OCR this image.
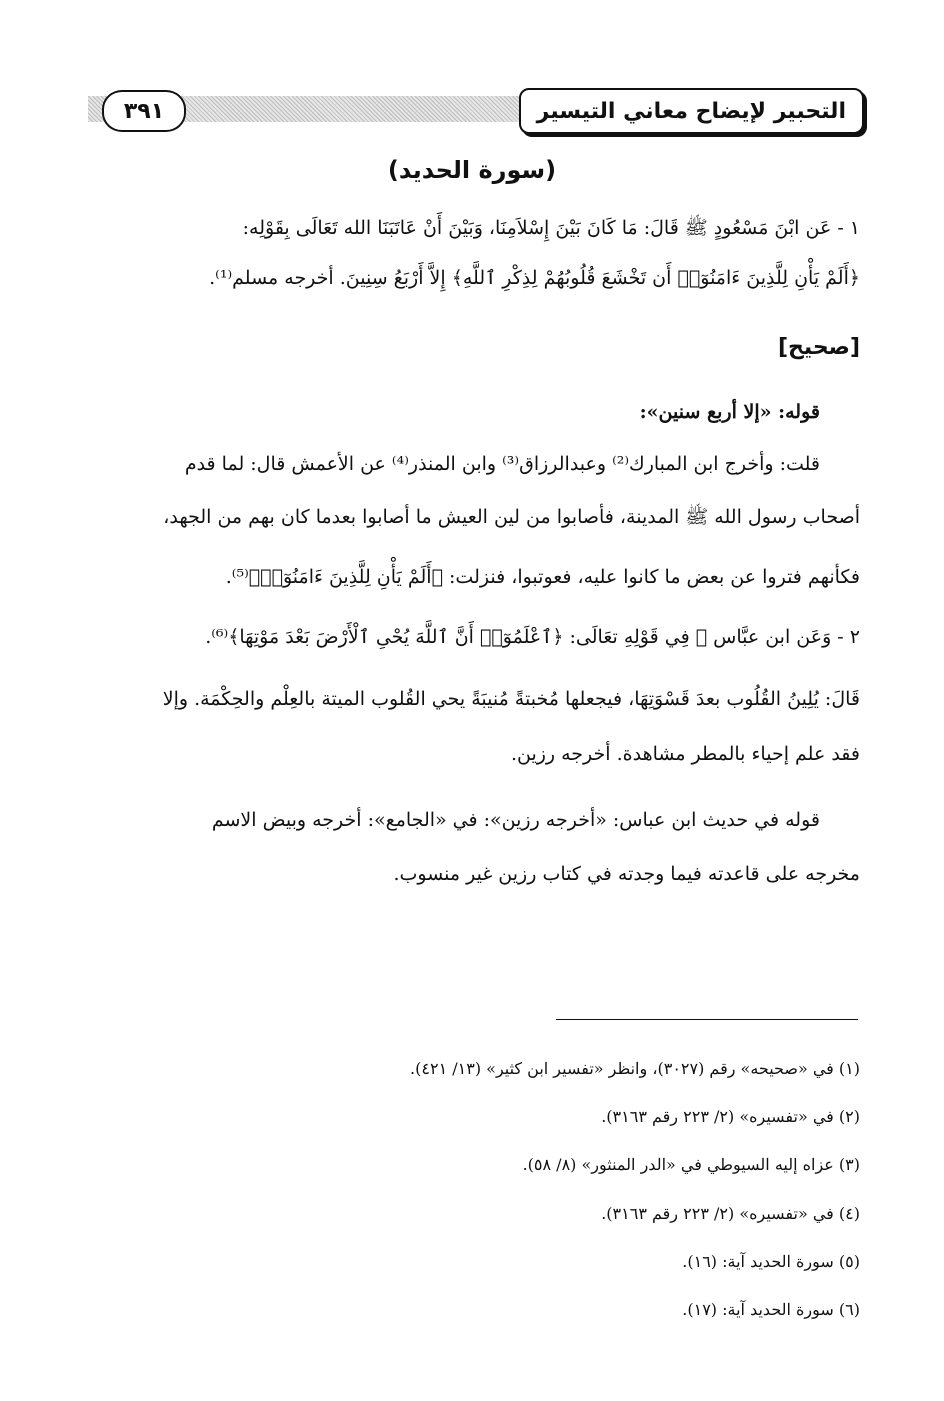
التحبير لإيضاح معاني التيسير
٣٩١
(سورة الحديد)
١ - عَن ابْنَ مَسْعُودٍ ﷺ قَالَ: مَا كَانَ بَيْنَ إِسْلاَمِنَا، وَبَيْنَ أَنْ عَاتَبَنَا الله تَعَالَى بِقَوْلِه:
﴿أَلَمْ يَأْنِ لِلَّذِينَ ءَامَنُوٓا۟ أَن تَخْشَعَ قُلُوبُهُمْ لِذِكْرِ ٱللَّهِ﴾ إِلاَّ أَرْبَعُ سِنِينَ. أخرجه مسلم⁽¹⁾.
[صحيح]
قوله: «إلا أربع سنين»:
قلت: وأخرج ابن المبارك⁽²⁾ وعبدالرزاق⁽³⁾ وابن المنذر⁽⁴⁾ عن الأعمش قال: لما قدم
أصحاب رسول الله ﷺ المدينة، فأصابوا من لين العيش ما أصابوا بعدما كان بهم من الجهد،
فكأنهم فتروا عن بعض ما كانوا عليه، فعوتبوا، فنزلت: ﴿أَلَمْ يَأْنِ لِلَّذِينَ ءَامَنُوٓا۟﴾⁽⁵⁾.
٢ - وَعَن ابن عبَّاس ﷺ فِي قَوْلِهِ تعَالَى: ﴿ٱعْلَمُوٓا۟ أَنَّ ٱللَّهَ يُحْىِ ٱلْأَرْضَ بَعْدَ مَوْتِهَا﴾⁽⁶⁾.
قَالَ: يُلِينُ القُلُوب بعدَ قَسْوَتِهَا، فيجعلها مُخبتةً مُنيبَةً يحي القُلوب الميتة بالعِلْم والحِكْمَة. وإلا
فقد علم إحياء بالمطر مشاهدة. أخرجه رزين.
قوله في حديث ابن عباس: «أخرجه رزين»: في «الجامع»: أخرجه وبيض الاسم
مخرجه على قاعدته فيما وجدته في كتاب رزين غير منسوب.
(١) في «صحيحه» رقم (٣٠٢٧)، وانظر «تفسير ابن كثير» (١٣/ ٤٢١).
(٢) في «تفسيره» (٢/ ٢٢٣ رقم ٣١٦٣).
(٣) عزاه إليه السيوطي في «الدر المنثور» (٨/ ٥٨).
(٤) في «تفسيره» (٢/ ٢٢٣ رقم ٣١٦٣).
(٥) سورة الحديد آية: (١٦).
(٦) سورة الحديد آية: (١٧).
